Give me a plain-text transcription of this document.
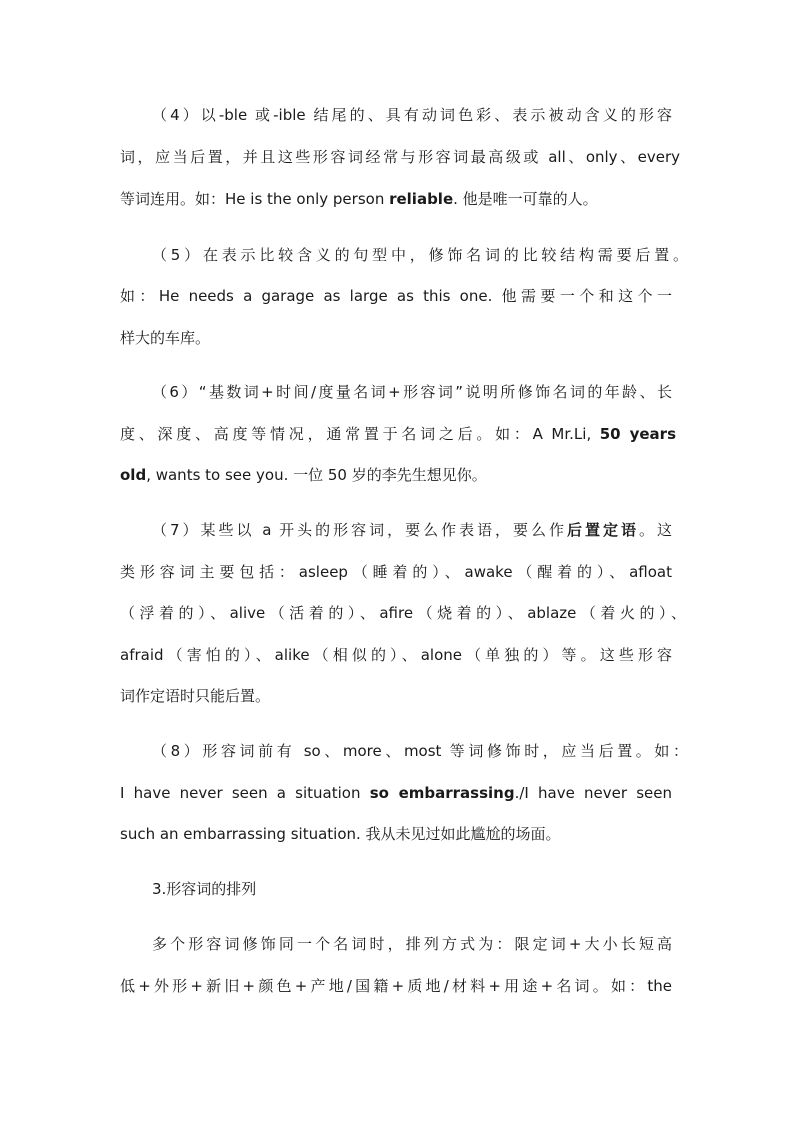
（4）以-ble 或-ible 结尾的、具有动词色彩、表示被动含义的形容
词，应当后置，并且这些形容词经常与形容词最高级或 all、only、every
等词连用。如：He is the only person reliable. 他是唯一可靠的人。
（5）在表示比较含义的句型中，修饰名词的比较结构需要后置。
如：He needs a garage as large as this one. 他需要一个和这个一
样大的车库。
（6）“基数词+时间/度量名词+形容词”说明所修饰名词的年龄、长
度、深度、高度等情况，通常置于名词之后。如：A Mr.Li, 50 years
old, wants to see you. 一位 50 岁的李先生想见你。
（7）某些以 a 开头的形容词，要么作表语，要么作后置定语。这
类形容词主要包括：asleep（睡着的）、awake（醒着的）、afloat
（浮着的）、alive（活着的）、afire（烧着的）、ablaze（着火的）、
afraid（害怕的）、alike（相似的）、alone（单独的）等。这些形容
词作定语时只能后置。
（8）形容词前有 so、more、most 等词修饰时，应当后置。如：
I have never seen a situation so embarrassing./I have never seen
such an embarrassing situation. 我从未见过如此尴尬的场面。
3.形容词的排列
多个形容词修饰同一个名词时，排列方式为：限定词+大小长短高
低+外形+新旧+颜色+产地/国籍+质地/材料+用途+名词。如：the
